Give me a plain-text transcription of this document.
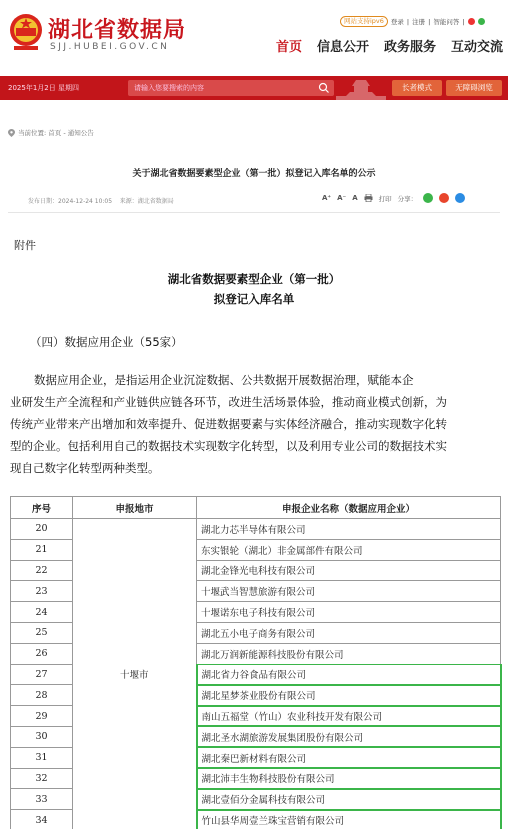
湖北省数据局
SJJ.HUBEI.GOV.CN
网站支持ipv6	登录 | 注册 | 智能问答 |
首页 信息公开 政务服务 互动交流
2025年1月2日 星期四
请输入您要搜索的内容	长者模式	无障碍浏览
当前位置: 首页 - 通知公告
关于湖北省数据要素型企业（第一批）拟登记入库名单的公示
发布日期：2024-12-24 10:05 来源：湖北省数据局	A⁺ A⁻ A	打印 分享：
附件
湖北省数据要素型企业（第一批）
拟登记入库名单
（四）数据应用企业（55家）
数据应用企业，是指运用企业沉淀数据、公共数据开展数据治理，赋能本企
业研发生产全流程和产业链供应链各环节，改进生活场景体验，推动商业模式创新，为
传统产业带来产出增加和效率提升、促进数据要素与实体经济融合，推动实现数字化转
型的企业。包括利用自己的数据技术实现数字化转型，以及利用专业公司的数据技术实
现自己数字化转型两种类型。
序号	申报地市	申报企业名称（数据应用企业）
20	十堰市	湖北力芯半导体有限公司
21		东实银轮（湖北）非金属部件有限公司
22		湖北金锋光电科技有限公司
23		十堰武当智慧旅游有限公司
24		十堰诺东电子科技有限公司
25		湖北五小电子商务有限公司
26		湖北万润新能源科技股份有限公司
27		湖北省力谷食品有限公司
28		湖北星梦茶业股份有限公司
29		南山五福堂（竹山）农业科技开发有限公司
30		湖北圣水湖旅游发展集团股份有限公司
31		湖北秦巴新材料有限公司
32		湖北沛丰生物科技股份有限公司
33		湖北壹佰分金属科技有限公司
34		竹山县华周壹兰珠宝营销有限公司
